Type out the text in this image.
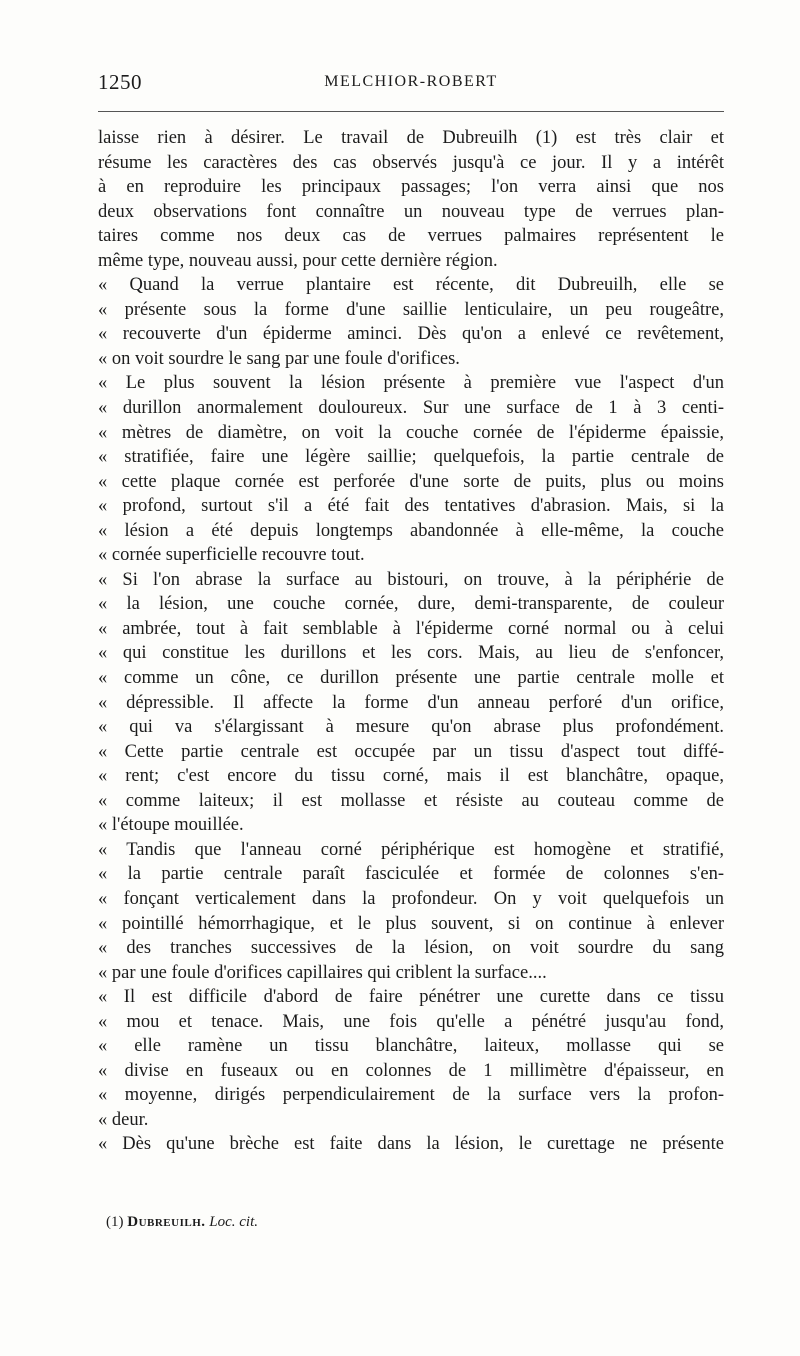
1250	MELCHIOR-ROBERT
laisse rien à désirer. Le travail de Dubreuilh (1) est très clair et
résume les caractères des cas observés jusqu'à ce jour. Il y a intérêt
à en reproduire les principaux passages; l'on verra ainsi que nos
deux observations font connaître un nouveau type de verrues plan-
taires comme nos deux cas de verrues palmaires représentent le
même type, nouveau aussi, pour cette dernière région.
« Quand la verrue plantaire est récente, dit Dubreuilh, elle se
« présente sous la forme d'une saillie lenticulaire, un peu rougeâtre,
« recouverte d'un épiderme aminci. Dès qu'on a enlevé ce revêtement,
« on voit sourdre le sang par une foule d'orifices.
« Le plus souvent la lésion présente à première vue l'aspect d'un
« durillon anormalement douloureux. Sur une surface de 1 à 3 centi-
« mètres de diamètre, on voit la couche cornée de l'épiderme épaissie,
« stratifiée, faire une légère saillie; quelquefois, la partie centrale de
« cette plaque cornée est perforée d'une sorte de puits, plus ou moins
« profond, surtout s'il a été fait des tentatives d'abrasion. Mais, si la
« lésion a été depuis longtemps abandonnée à elle-même, la couche
« cornée superficielle recouvre tout.
« Si l'on abrase la surface au bistouri, on trouve, à la périphérie de
« la lésion, une couche cornée, dure, demi-transparente, de couleur
« ambrée, tout à fait semblable à l'épiderme corné normal ou à celui
« qui constitue les durillons et les cors. Mais, au lieu de s'enfoncer,
« comme un cône, ce durillon présente une partie centrale molle et
« dépressible. Il affecte la forme d'un anneau perforé d'un orifice,
« qui va s'élargissant à mesure qu'on abrase plus profondément.
« Cette partie centrale est occupée par un tissu d'aspect tout diffé-
« rent; c'est encore du tissu corné, mais il est blanchâtre, opaque,
« comme laiteux; il est mollasse et résiste au couteau comme de
« l'étoupe mouillée.
« Tandis que l'anneau corné périphérique est homogène et stratifié,
« la partie centrale paraît fasciculée et formée de colonnes s'en-
« fonçant verticalement dans la profondeur. On y voit quelquefois un
« pointillé hémorrhagique, et le plus souvent, si on continue à enlever
« des tranches successives de la lésion, on voit sourdre du sang
« par une foule d'orifices capillaires qui criblent la surface....
« Il est difficile d'abord de faire pénétrer une curette dans ce tissu
« mou et tenace. Mais, une fois qu'elle a pénétré jusqu'au fond,
« elle ramène un tissu blanchâtre, laiteux, mollasse qui se
« divise en fuseaux ou en colonnes de 1 millimètre d'épaisseur, en
« moyenne, dirigés perpendiculairement de la surface vers la profon-
« deur.
« Dès qu'une brèche est faite dans la lésion, le curettage ne présente
(1) Dubreuilh. Loc. cit.
